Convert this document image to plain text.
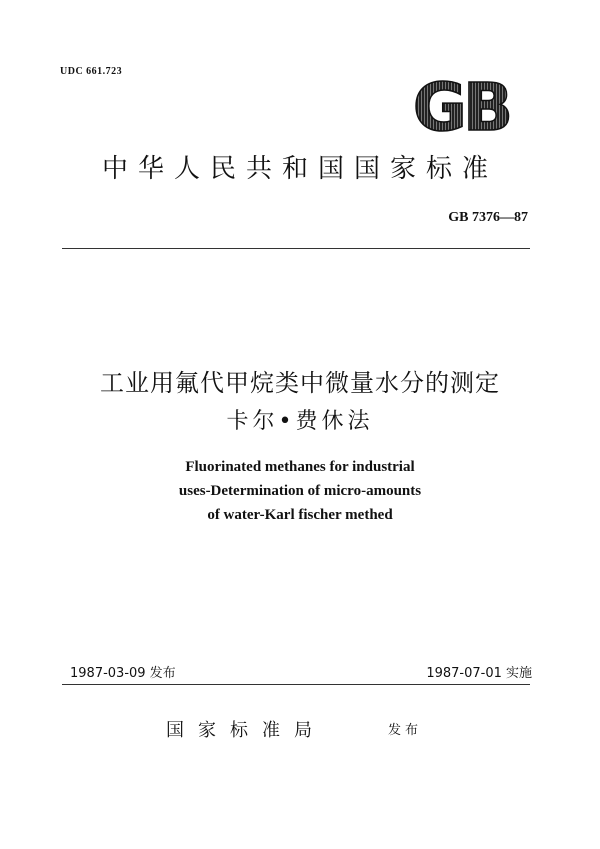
UDC 661.723	GB
中华人民共和国国家标准
GB 7376—87
工业用氟代甲烷类中微量水分的测定
卡尔•费休法
Fluorinated methanes for industrial
uses-Determination of micro-amounts
of water-Karl fischer methed
1987-03-09 发布	1987-07-01 实施
国家标准局	发布
